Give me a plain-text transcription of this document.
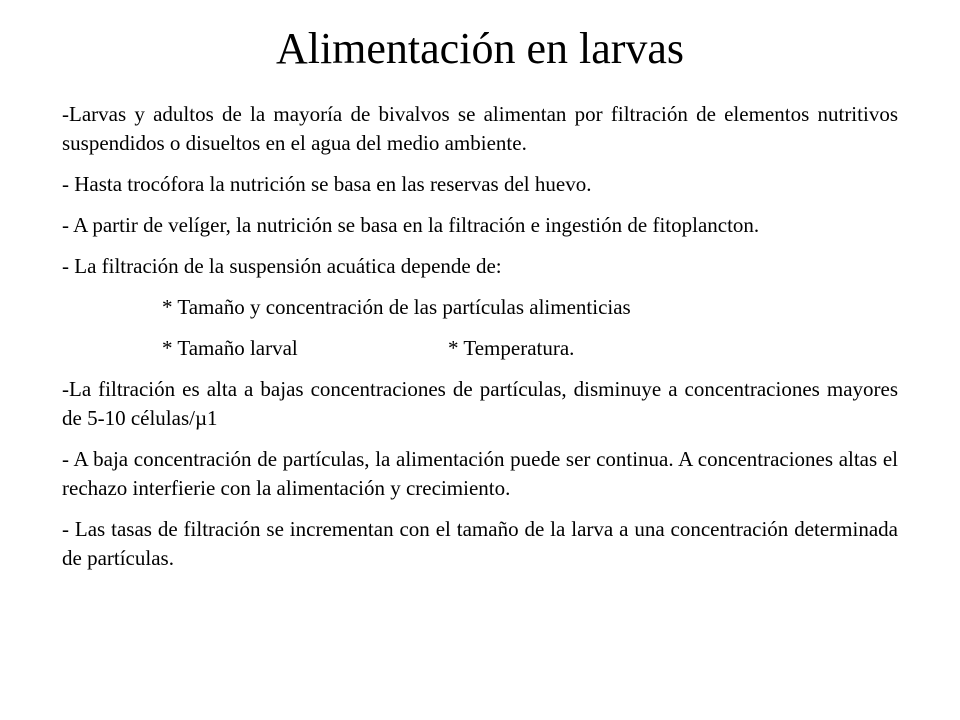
Alimentación en larvas

-Larvas y adultos de la mayoría de bivalvos se alimentan por filtración de elementos nutritivos suspendidos o disueltos en el agua del medio ambiente.

- Hasta trocófora la nutrición se basa en las reservas del huevo.

- A partir de velíger, la nutrición se basa en la filtración e ingestión de fitoplancton.

- La filtración de la suspensión acuática depende de:

* Tamaño y concentración de las partículas alimenticias

* Tamaño larval	* Temperatura.

-La filtración es alta a bajas concentraciones de partículas, disminuye a concentraciones mayores de 5-10 células/µ1

- A baja concentración de partículas, la alimentación puede ser continua. A concentraciones altas el rechazo interfierie con la alimentación y crecimiento.

- Las tasas de filtración se incrementan con el tamaño de la larva a una concentración determinada de partículas.
